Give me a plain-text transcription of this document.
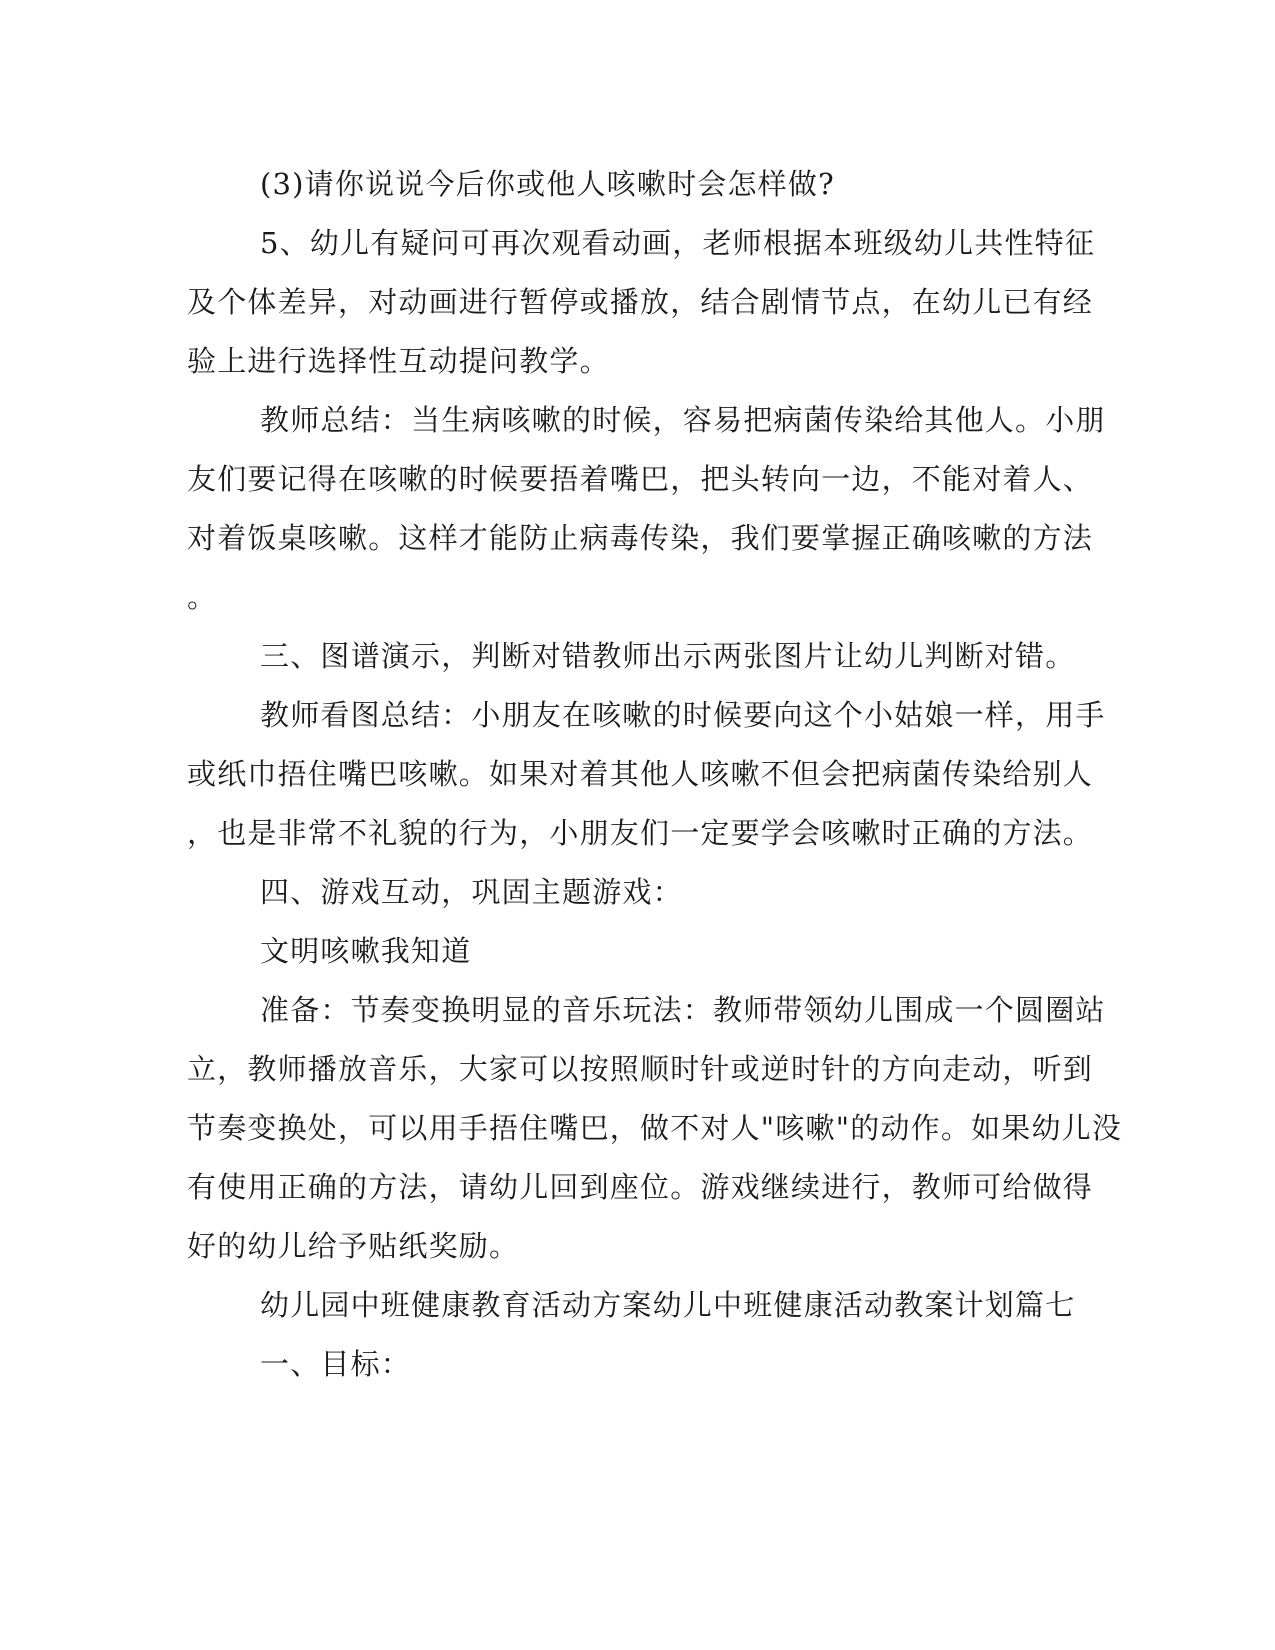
(3)请你说说今后你或他人咳嗽时会怎样做?
5、幼儿有疑问可再次观看动画，老师根据本班级幼儿共性特征
及个体差异，对动画进行暂停或播放，结合剧情节点，在幼儿已有经
验上进行选择性互动提问教学。
教师总结：当生病咳嗽的时候，容易把病菌传染给其他人。小朋
友们要记得在咳嗽的时候要捂着嘴巴，把头转向一边，不能对着人、
对着饭桌咳嗽。这样才能防止病毒传染，我们要掌握正确咳嗽的方法
。
三、图谱演示，判断对错教师出示两张图片让幼儿判断对错。
教师看图总结：小朋友在咳嗽的时候要向这个小姑娘一样，用手
或纸巾捂住嘴巴咳嗽。如果对着其他人咳嗽不但会把病菌传染给别人
，也是非常不礼貌的行为，小朋友们一定要学会咳嗽时正确的方法。
四、游戏互动，巩固主题游戏：
文明咳嗽我知道
准备：节奏变换明显的音乐玩法：教师带领幼儿围成一个圆圈站
立，教师播放音乐，大家可以按照顺时针或逆时针的方向走动，听到
节奏变换处，可以用手捂住嘴巴，做不对人"咳嗽"的动作。如果幼儿没
有使用正确的方法，请幼儿回到座位。游戏继续进行，教师可给做得
好的幼儿给予贴纸奖励。
幼儿园中班健康教育活动方案幼儿中班健康活动教案计划篇七
一、目标：
